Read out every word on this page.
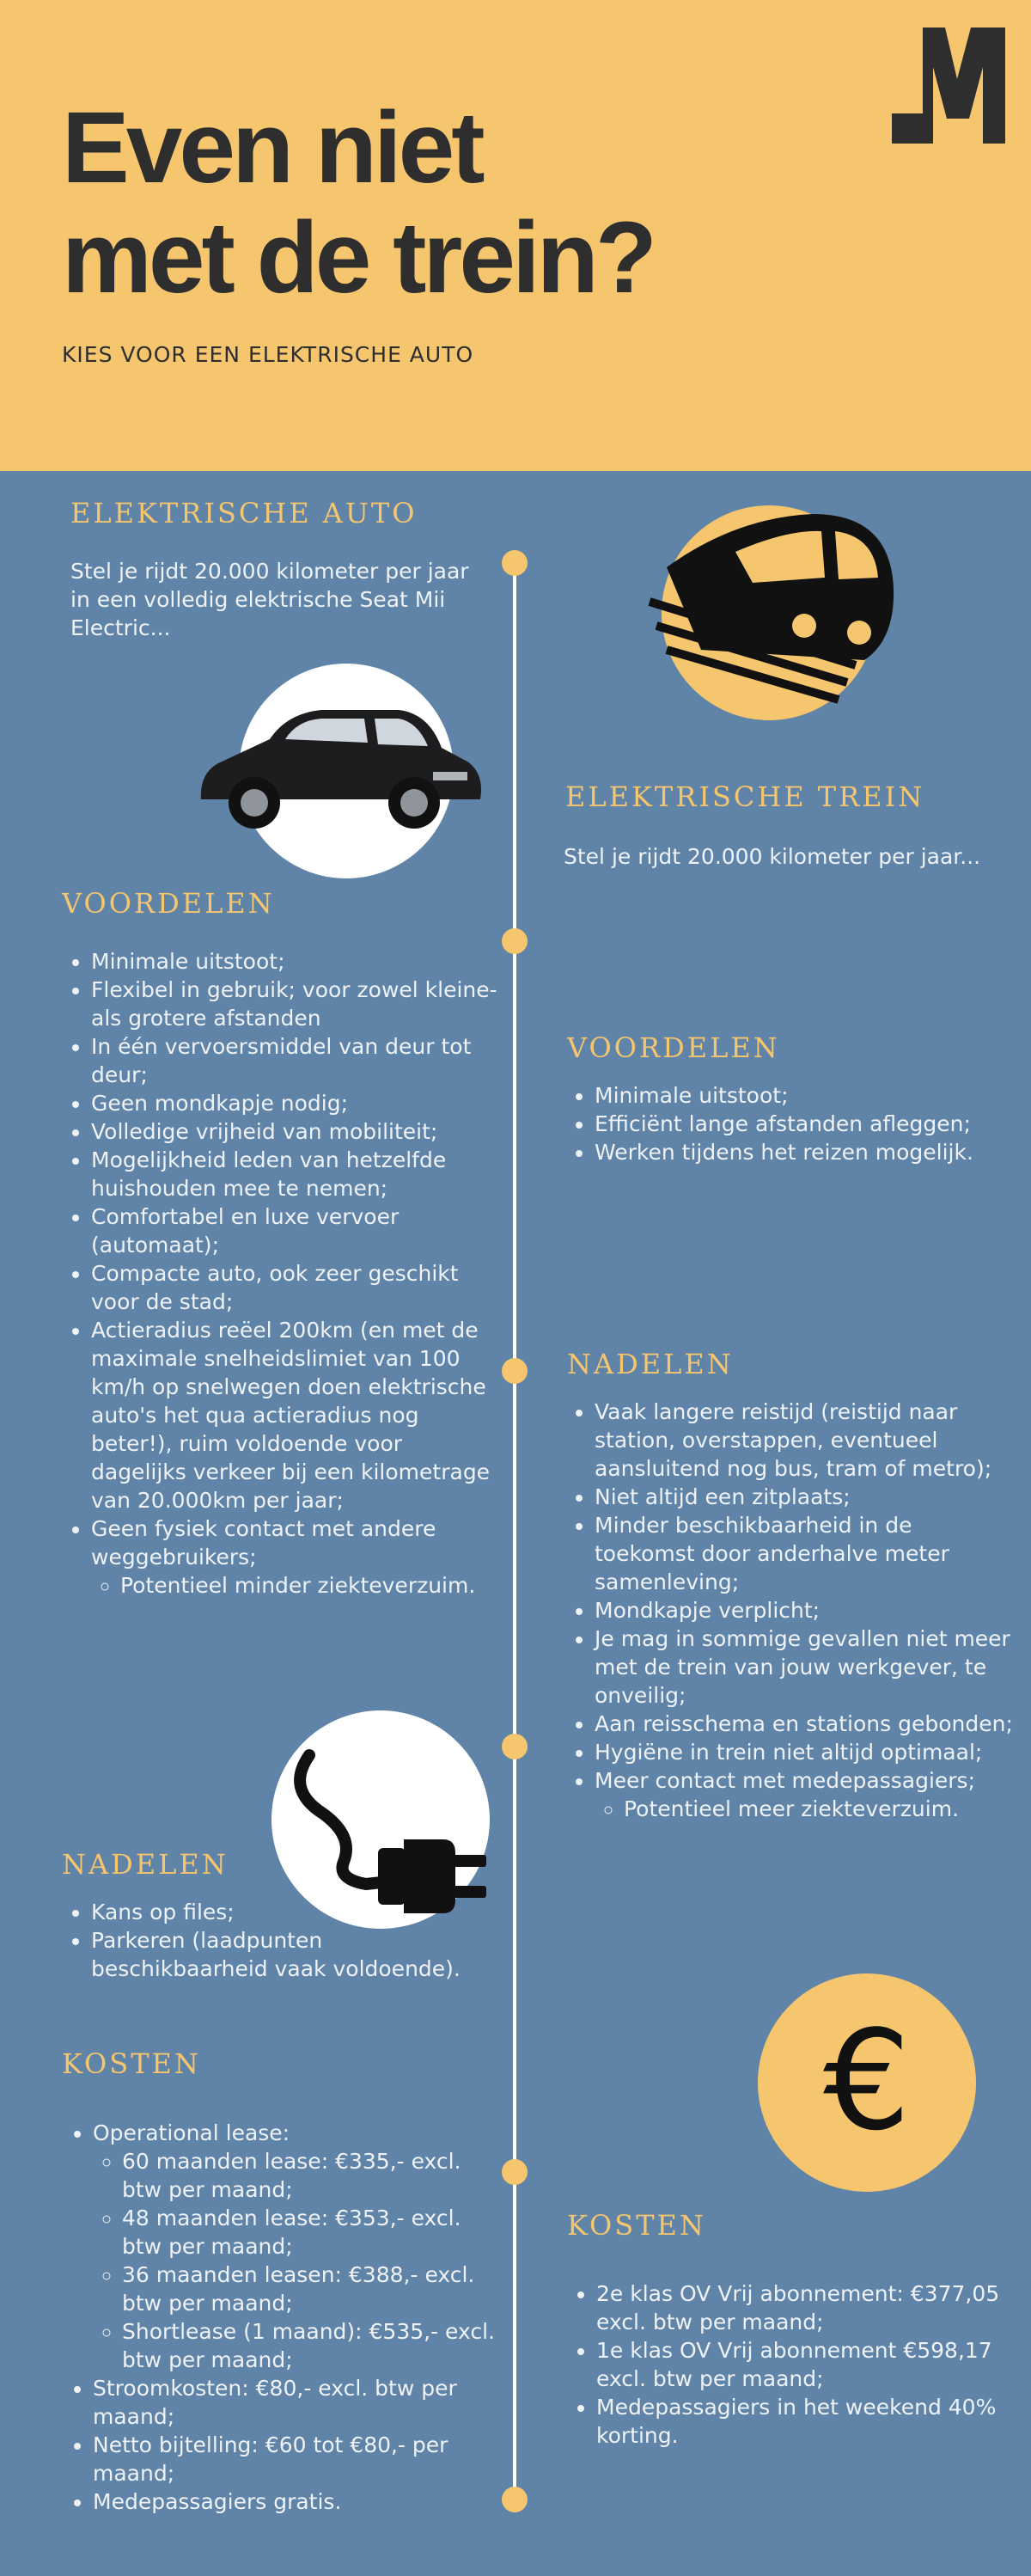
Even niet
met de trein?
KIES VOOR EEN ELEKTRISCHE AUTO
ELEKTRISCHE AUTO
Stel je rijdt 20.000 kilometer per jaar in een volledig elektrische Seat Mii Electric...
VOORDELEN
• Minimale uitstoot;
• Flexibel in gebruik; voor zowel kleine- als grotere afstanden
• In één vervoersmiddel van deur tot deur;
• Geen mondkapje nodig;
• Volledige vrijheid van mobiliteit;
• Mogelijkheid leden van hetzelfde huishouden mee te nemen;
• Comfortabel en luxe vervoer (automaat);
• Compacte auto, ook zeer geschikt voor de stad;
• Actieradius reëel 200km (en met de maximale snelheidslimiet van 100 km/h op snelwegen doen elektrische auto's het qua actieradius nog beter!), ruim voldoende voor dagelijks verkeer bij een kilometrage van 20.000km per jaar;
• Geen fysiek contact met andere weggebruikers;
◦ Potentieel minder ziekteverzuim.
NADELEN
• Kans op files;
• Parkeren (laadpunten beschikbaarheid vaak voldoende).
KOSTEN
• Operational lease:
◦ 60 maanden lease: €335,- excl. btw per maand;
◦ 48 maanden lease: €353,- excl. btw per maand;
◦ 36 maanden leasen: €388,- excl. btw per maand;
◦ Shortlease (1 maand): €535,- excl. btw per maand;
• Stroomkosten: €80,- excl. btw per maand;
• Netto bijtelling: €60 tot €80,- per maand;
• Medepassagiers gratis.
ELEKTRISCHE TREIN
Stel je rijdt 20.000 kilometer per jaar...
VOORDELEN
• Minimale uitstoot;
• Efficiënt lange afstanden afleggen;
• Werken tijdens het reizen mogelijk.
NADELEN
• Vaak langere reistijd (reistijd naar station, overstappen, eventueel aansluitend nog bus, tram of metro);
• Niet altijd een zitplaats;
• Minder beschikbaarheid in de toekomst door anderhalve meter samenleving;
• Mondkapje verplicht;
• Je mag in sommige gevallen niet meer met de trein van jouw werkgever, te onveilig;
• Aan reisschema en stations gebonden;
• Hygiëne in trein niet altijd optimaal;
• Meer contact met medepassagiers;
◦ Potentieel meer ziekteverzuim.
€
KOSTEN
• 2e klas OV Vrij abonnement: €377,05 excl. btw per maand;
• 1e klas OV Vrij abonnement €598,17 excl. btw per maand;
• Medepassagiers in het weekend 40% korting.
